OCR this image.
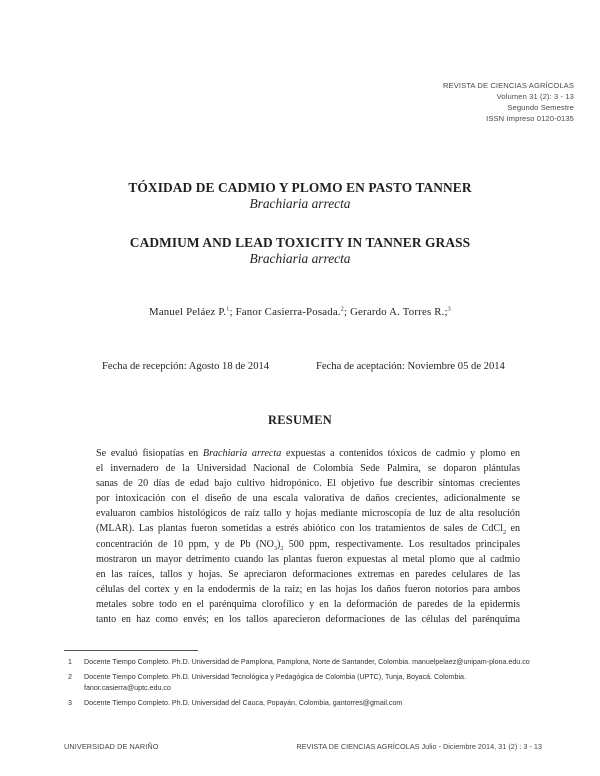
REVISTA DE CIENCIAS AGRÍCOLAS
Volumen 31 (2): 3 - 13
Segundo Semestre
ISSN Impreso 0120-0135
TÓXIDAD DE CADMIO Y PLOMO EN PASTO TANNER
Brachiaria arrecta
CADMIUM AND LEAD TOXICITY IN TANNER GRASS
Brachiaria arrecta
Manuel Peláez P.$^1$; Fanor Casierra-Posada.$^2$; Gerardo A. Torres R.;$^3$
Fecha de recepción: Agosto 18 de 2014	Fecha de aceptación: Noviembre 05 de 2014
RESUMEN
Se evaluó fisiopatías en Brachiaria arrecta expuestas a contenidos tóxicos de cadmio y plomo en
el invernadero de la Universidad Nacional de Colombia Sede Palmira, se doparon plántulas
sanas de 20 días de edad bajo cultivo hidropónico. El objetivo fue describir síntomas crecientes
por intoxicación con el diseño de una escala valorativa de daños crecientes, adicionalmente se
evaluaron cambios histológicos de raíz tallo y hojas mediante microscopía de luz de alta resolución
(MLAR). Las plantas fueron sometidas a estrés abiótico con los tratamientos de sales de CdCl$_2$ en
concentración de 10 ppm, y de Pb $(NO_3)_2$ 500 ppm, respectivamente. Los resultados principales
mostraron un mayor detrimento cuando las plantas fueron expuestas al metal plomo que al cadmio
en las raíces, tallos y hojas. Se apreciaron deformaciones extremas en paredes celulares de las
células del cortex y en la endodermis de la raíz; en las hojas los daños fueron notorios para ambos
metales sobre todo en el parénquima clorofílico y en la deformación de paredes de la epidermis
tanto en haz como envés; en los tallos aparecieron deformaciones de las células del parénquima
1 Docente Tiempo Completo. Ph.D. Universidad de Pamplona, Pamplona, Norte de Santander, Colombia. manuelpelaez@unipam-plona.edu.co
2 Docente Tiempo Completo. Ph.D. Universidad Tecnológica y Pedagógica de Colombia (UPTC), Tunja, Boyacá. Colombia. fanor.casierra@uptc.edu.co
3 Docente Tiempo Completo. Ph.D. Universidad del Cauca, Popayán, Colombia, gantorres@gmail.com
UNIVERSIDAD DE NARIÑO	REVISTA DE CIENCIAS AGRÍCOLAS Julio - Diciembre 2014, 31 (2) : 3 - 13
